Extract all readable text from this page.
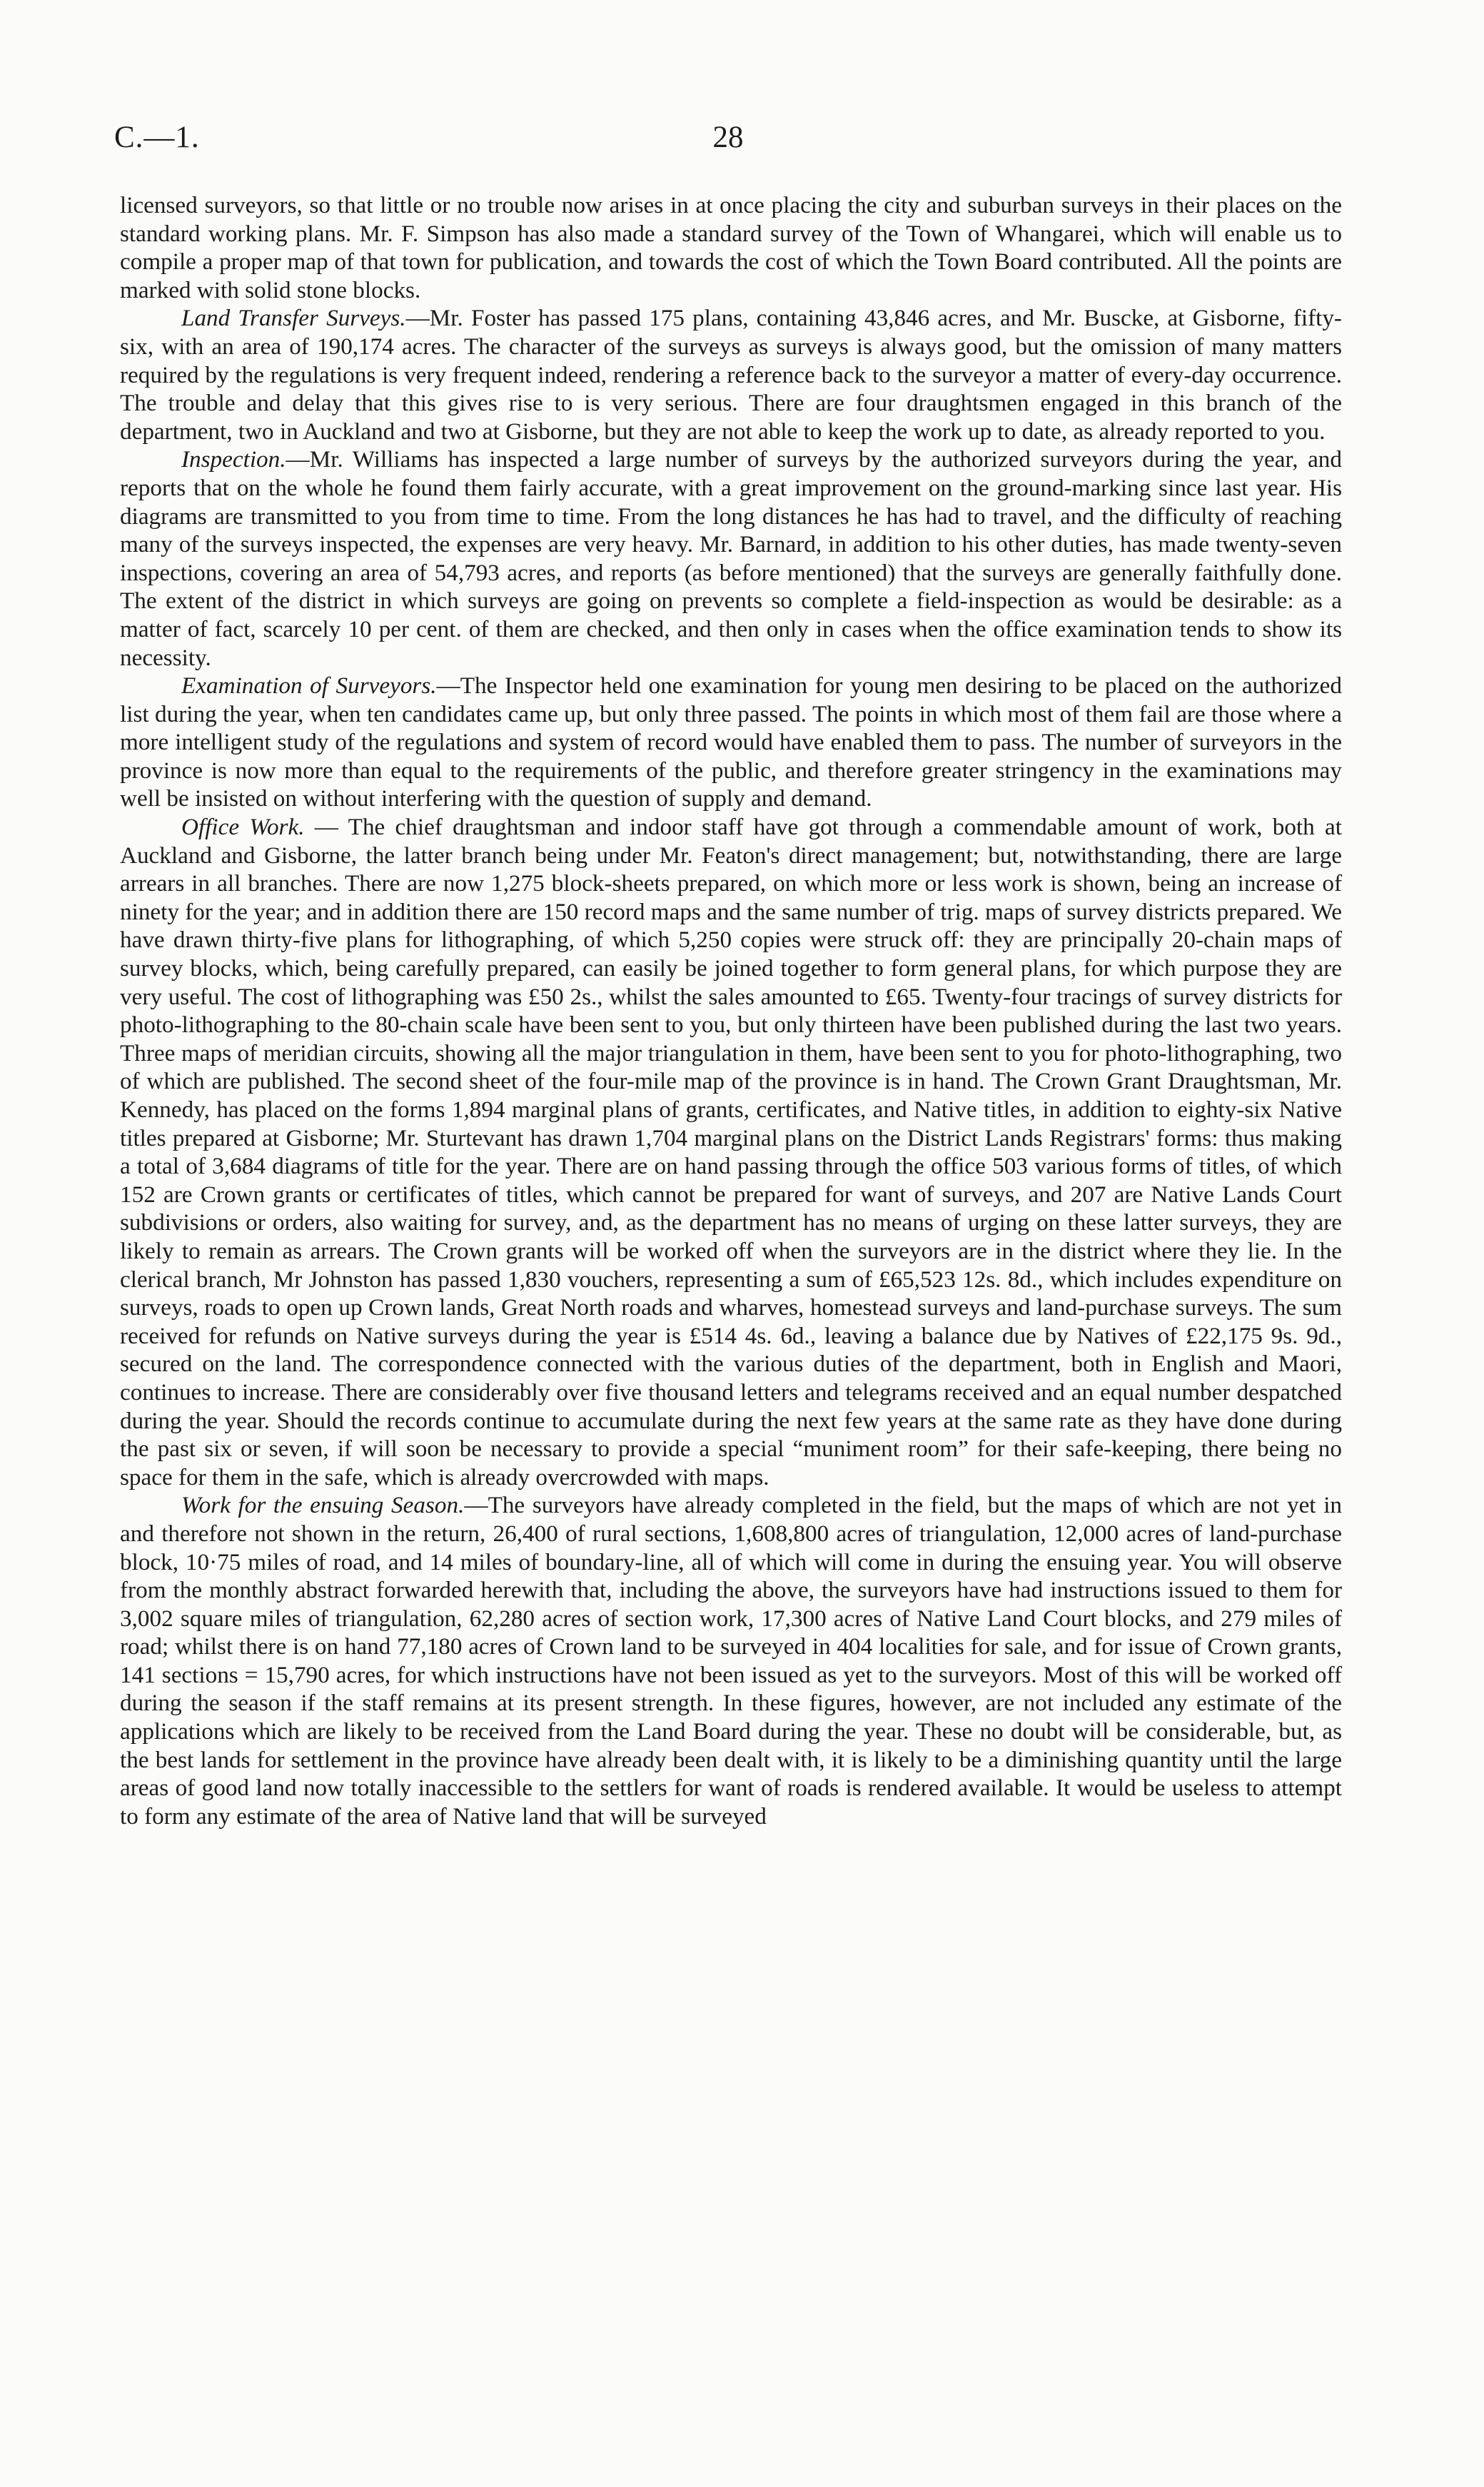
28
C.—1.

licensed surveyors, so that little or no trouble now arises in at once placing the city and suburban surveys in their places on the standard working plans. Mr. F. Simpson has also made a standard survey of the Town of Whangarei, which will enable us to compile a proper map of that town for publication, and towards the cost of which the Town Board contributed. All the points are marked with solid stone blocks.

Land Transfer Surveys.—Mr. Foster has passed 175 plans, containing 43,846 acres, and Mr. Buscke, at Gisborne, fifty-six, with an area of 190,174 acres. The character of the surveys as surveys is always good, but the omission of many matters required by the regulations is very frequent indeed, rendering a reference back to the surveyor a matter of every-day occurrence. The trouble and delay that this gives rise to is very serious. There are four draughtsmen engaged in this branch of the department, two in Auckland and two at Gisborne, but they are not able to keep the work up to date, as already reported to you.

Inspection.—Mr. Williams has inspected a large number of surveys by the authorized surveyors during the year, and reports that on the whole he found them fairly accurate, with a great improvement on the ground-marking since last year. His diagrams are transmitted to you from time to time. From the long distances he has had to travel, and the difficulty of reaching many of the surveys inspected, the expenses are very heavy. Mr. Barnard, in addition to his other duties, has made twenty-seven inspections, covering an area of 54,793 acres, and reports (as before mentioned) that the surveys are generally faithfully done. The extent of the district in which surveys are going on prevents so complete a field-inspection as would be desirable: as a matter of fact, scarcely 10 per cent. of them are checked, and then only in cases when the office examination tends to show its necessity.

Examination of Surveyors.—The Inspector held one examination for young men desiring to be placed on the authorized list during the year, when ten candidates came up, but only three passed. The points in which most of them fail are those where a more intelligent study of the regulations and system of record would have enabled them to pass. The number of surveyors in the province is now more than equal to the requirements of the public, and therefore greater stringency in the examinations may well be insisted on without interfering with the question of supply and demand.

Office Work. — The chief draughtsman and indoor staff have got through a commendable amount of work, both at Auckland and Gisborne, the latter branch being under Mr. Featon's direct management; but, notwithstanding, there are large arrears in all branches. There are now 1,275 block-sheets prepared, on which more or less work is shown, being an increase of ninety for the year; and in addition there are 150 record maps and the same number of trig. maps of survey districts prepared. We have drawn thirty-five plans for lithographing, of which 5,250 copies were struck off: they are principally 20-chain maps of survey blocks, which, being carefully prepared, can easily be joined together to form general plans, for which purpose they are very useful. The cost of lithographing was £50 2s., whilst the sales amounted to £65. Twenty-four tracings of survey districts for photo-lithographing to the 80-chain scale have been sent to you, but only thirteen have been published during the last two years. Three maps of meridian circuits, showing all the major triangulation in them, have been sent to you for photo-lithographing, two of which are published. The second sheet of the four-mile map of the province is in hand. The Crown Grant Draughtsman, Mr. Kennedy, has placed on the forms 1,894 marginal plans of grants, certificates, and Native titles, in addition to eighty-six Native titles prepared at Gisborne; Mr. Sturtevant has drawn 1,704 marginal plans on the District Lands Registrars' forms: thus making a total of 3,684 diagrams of title for the year. There are on hand passing through the office 503 various forms of titles, of which 152 are Crown grants or certificates of titles, which cannot be prepared for want of surveys, and 207 are Native Lands Court subdivisions or orders, also waiting for survey, and, as the department has no means of urging on these latter surveys, they are likely to remain as arrears. The Crown grants will be worked off when the surveyors are in the district where they lie. In the clerical branch, Mr Johnston has passed 1,830 vouchers, representing a sum of £65,523 12s. 8d., which includes expenditure on surveys, roads to open up Crown lands, Great North roads and wharves, homestead surveys and land-purchase surveys. The sum received for refunds on Native surveys during the year is £514 4s. 6d., leaving a balance due by Natives of £22,175 9s. 9d., secured on the land. The correspondence connected with the various duties of the department, both in English and Maori, continues to increase. There are considerably over five thousand letters and telegrams received and an equal number despatched during the year. Should the records continue to accumulate during the next few years at the same rate as they have done during the past six or seven, if will soon be necessary to provide a special “muniment room” for their safe-keeping, there being no space for them in the safe, which is already overcrowded with maps.

Work for the ensuing Season.—The surveyors have already completed in the field, but the maps of which are not yet in and therefore not shown in the return, 26,400 of rural sections, 1,608,800 acres of triangulation, 12,000 acres of land-purchase block, 10·75 miles of road, and 14 miles of boundary-line, all of which will come in during the ensuing year. You will observe from the monthly abstract forwarded herewith that, including the above, the surveyors have had instructions issued to them for 3,002 square miles of triangulation, 62,280 acres of section work, 17,300 acres of Native Land Court blocks, and 279 miles of road; whilst there is on hand 77,180 acres of Crown land to be surveyed in 404 localities for sale, and for issue of Crown grants, 141 sections = 15,790 acres, for which instructions have not been issued as yet to the surveyors. Most of this will be worked off during the season if the staff remains at its present strength. In these figures, however, are not included any estimate of the applications which are likely to be received from the Land Board during the year. These no doubt will be considerable, but, as the best lands for settlement in the province have already been dealt with, it is likely to be a diminishing quantity until the large areas of good land now totally inaccessible to the settlers for want of roads is rendered available. It would be useless to attempt to form any estimate of the area of Native land that will be surveyed
